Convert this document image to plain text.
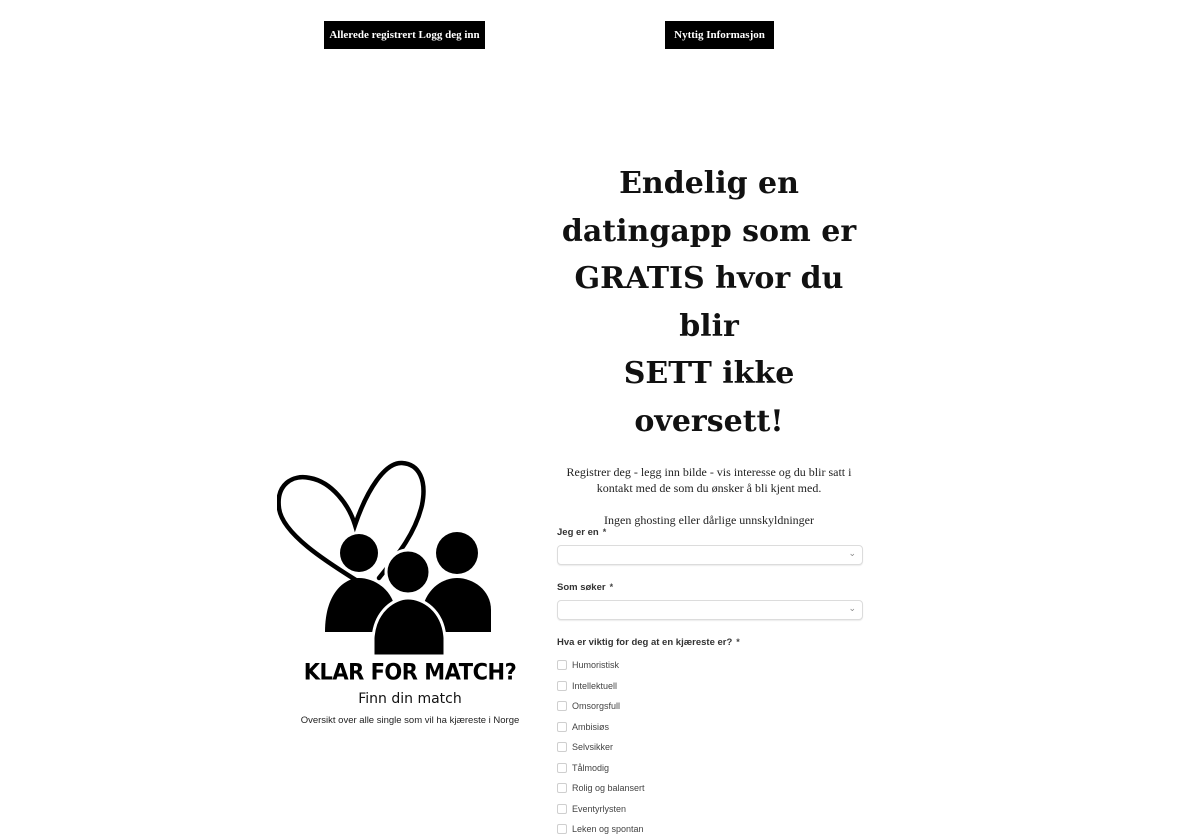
Allerede registrert Logg deg inn	Nyttig Informasjon
Endelig en
datingapp som er
GRATIS hvor du blir
SETT ikke oversett!

Registrer deg - legg inn bilde - vis interesse og du blir satt i kontakt med de som du ønsker å bli kjent med.

Ingen ghosting eller dårlige unnskyldninger

KLAR FOR MATCH?
Finn din match
Oversikt over alle single som vil ha kjæreste i Norge
Jeg er en *
⌄
Som søker *
⌄
Hva er viktig for deg at en kjæreste er? *
Humoristisk
Intellektuell
Omsorgsfull
Ambisiøs
Selvsikker
Tålmodig
Rolig og balansert
Eventyrlysten
Leken og spontan
